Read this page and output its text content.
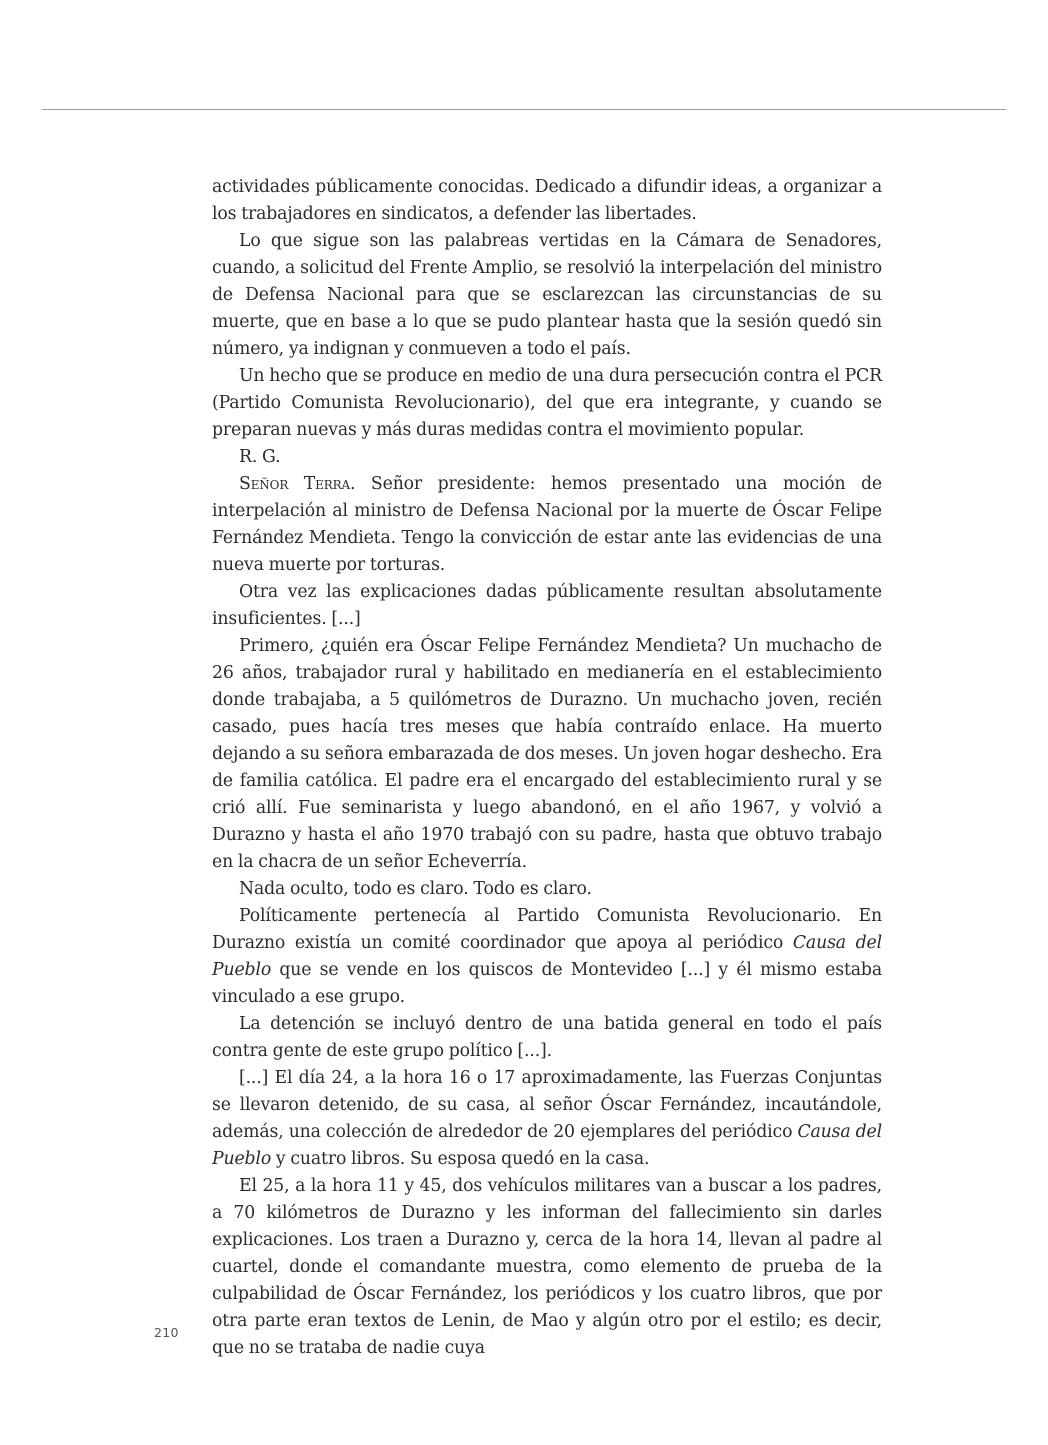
actividades públicamente conocidas. Dedicado a difundir ideas, a organizar a los trabajadores en sindicatos, a defender las libertades.

Lo que sigue son las palabreas vertidas en la Cámara de Senadores, cuando, a solicitud del Frente Amplio, se resolvió la interpelación del ministro de Defensa Nacional para que se esclarezcan las circunstancias de su muerte, que en base a lo que se pudo plantear hasta que la sesión quedó sin número, ya indignan y conmueven a todo el país.

Un hecho que se produce en medio de una dura persecución contra el PCR (Partido Comunista Revolucionario), del que era integrante, y cuando se preparan nuevas y más duras medidas contra el movimiento popular.

R. G.

Señor Terra. Señor presidente: hemos presentado una moción de interpelación al ministro de Defensa Nacional por la muerte de Óscar Felipe Fernández Mendieta. Tengo la convicción de estar ante las evidencias de una nueva muerte por torturas.

Otra vez las explicaciones dadas públicamente resultan absolutamente insuficientes. [...]

Primero, ¿quién era Óscar Felipe Fernández Mendieta? Un muchacho de 26 años, trabajador rural y habilitado en medianería en el establecimiento donde trabajaba, a 5 quilómetros de Durazno. Un muchacho joven, recién casado, pues hacía tres meses que había contraído enlace. Ha muerto dejando a su señora embarazada de dos meses. Un joven hogar deshecho. Era de familia católica. El padre era el encargado del establecimiento rural y se crió allí. Fue seminarista y luego abandonó, en el año 1967, y volvió a Durazno y hasta el año 1970 trabajó con su padre, hasta que obtuvo trabajo en la chacra de un señor Echeverría.

Nada oculto, todo es claro. Todo es claro.

Políticamente pertenecía al Partido Comunista Revolucionario. En Durazno existía un comité coordinador que apoya al periódico Causa del Pueblo que se vende en los quiscos de Montevideo [...] y él mismo estaba vinculado a ese grupo.

La detención se incluyó dentro de una batida general en todo el país contra gente de este grupo político [...].

[...] El día 24, a la hora 16 o 17 aproximadamente, las Fuerzas Conjuntas se llevaron detenido, de su casa, al señor Óscar Fernández, incautándole, además, una colección de alrededor de 20 ejemplares del periódico Causa del Pueblo y cuatro libros. Su esposa quedó en la casa.

El 25, a la hora 11 y 45, dos vehículos militares van a buscar a los padres, a 70 kilómetros de Durazno y les informan del fallecimiento sin darles explicaciones. Los traen a Durazno y, cerca de la hora 14, llevan al padre al cuartel, donde el comandante muestra, como elemento de prueba de la culpabilidad de Óscar Fernández, los periódicos y los cuatro libros, que por otra parte eran textos de Lenin, de Mao y algún otro por el estilo; es decir, que no se trataba de nadie cuya

210
